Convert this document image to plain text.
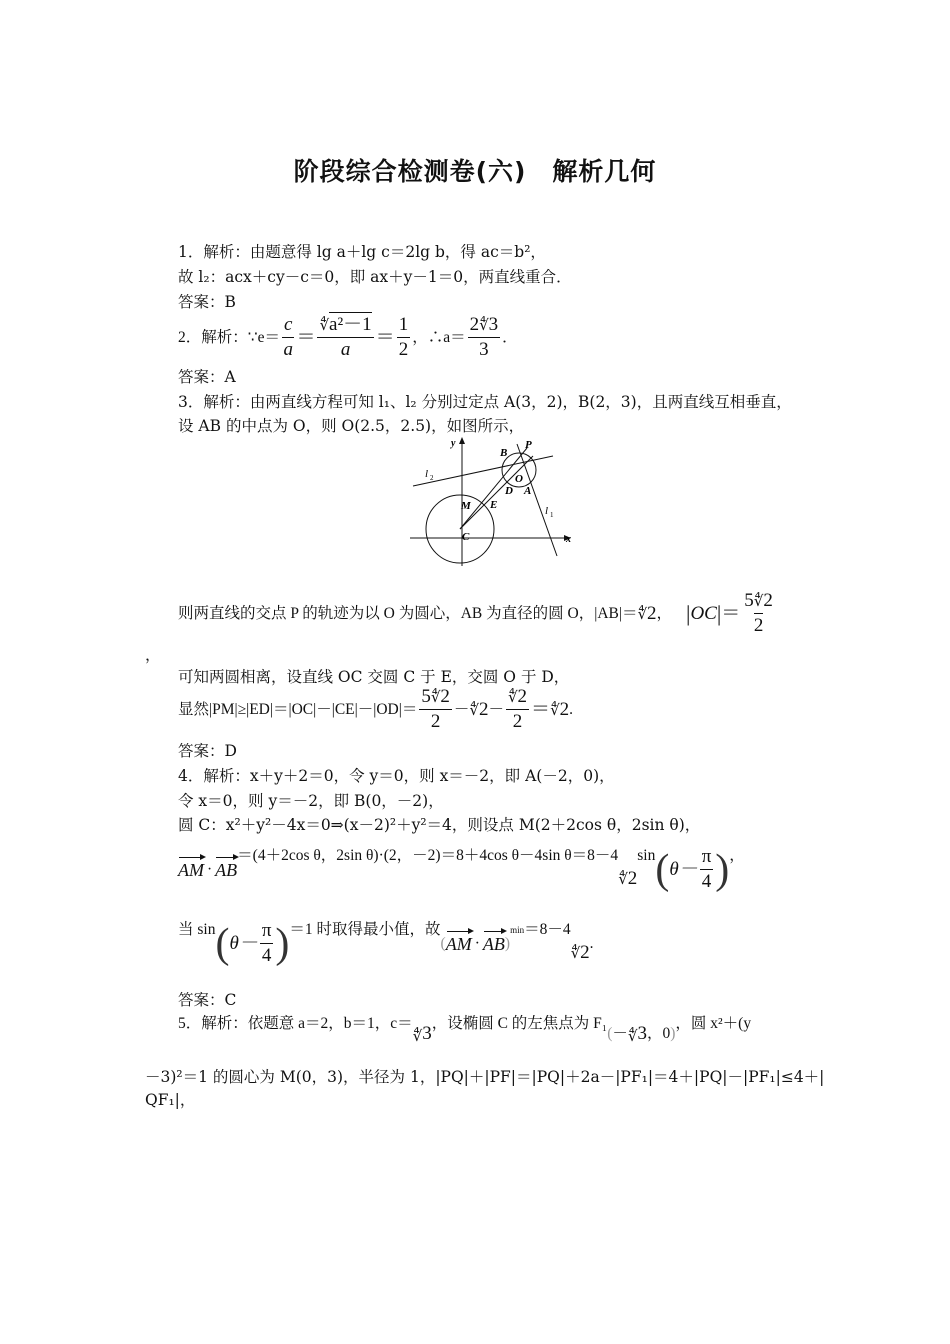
阶段综合检测卷(六)　解析几何
1．解析：由题意得 lg a＋lg c＝2lg b，得 ac＝b²，
故 l₂：acx＋cy－c＝0，即 ax＋y－1＝0，两直线重合．
答案：B
2．解析： ∵e＝ $\frac{c}{a} = \frac{\text{∜a²－1}}{a} = \frac{1}{2}$ ，∴a＝ $\frac{2∜3}{3}$ ．
答案：A
3．解析：由两直线方程可知 l₁、l₂ 分别过定点 A(3，2)，B(2，3)，且两直线互相垂直，
设 AB 的中点为 O，则 O(2.5，2.5)，如图所示，
y
x
B
P
O
D A
E
M
C
l 2
l 1
则两直线的交点 P 的轨迹为以 O 为圆心，AB 为直径的圆 O，|AB|＝ ∜ 2 ， | OC | ＝ $\frac{5∜2}{2}$
，
可知两圆相离，设直线 OC 交圆 C 于 E，交圆 O 于 D，
显然$|PM|\ge|ED|=|OC|-|CE|-|OD|= \frac{5∜2}{2}$ － ∜ $2 - \frac{∜2}{2}$ ＝ ∜ 2 .
答案：D
4．解析：x＋y＋2＝0，令 y＝0，则 x＝－2，即 A(－2，0)，
令 x＝0，则 y＝－2，即 B(0，－2)，
圆 C：x²＋y²－4x＝0⇒(x－2)²＋y²＝4，则设点 M(2＋2cos θ，2sin θ)，
AM · AB
＝(4＋2cos θ，2sin θ)·(2，－2)＝8＋4cos θ－4sin θ＝8－4
∜ 2
sin ( $\theta- \frac{\pi}{4}$ ) ，
当 sin ( $\theta- \frac{\pi}{4}$ ) ＝1 时取得最小值，故
( AM · AB )
min ＝8－4
∜ 2 .
答案：C
5．解析： 依题意 a＝2，b＝1，c＝
∜ 3 ，设椭圆 C 的左焦点为 F₁
( － ∜ 3 ，0 )
，圆 x²＋(y
－3)²＝1 的圆心为 M(0，3)，半径为 1，|PQ|＋|PF|＝|PQ|＋2a－|PF₁|＝4＋|PQ|－|PF₁|≤4＋|
QF₁|，
